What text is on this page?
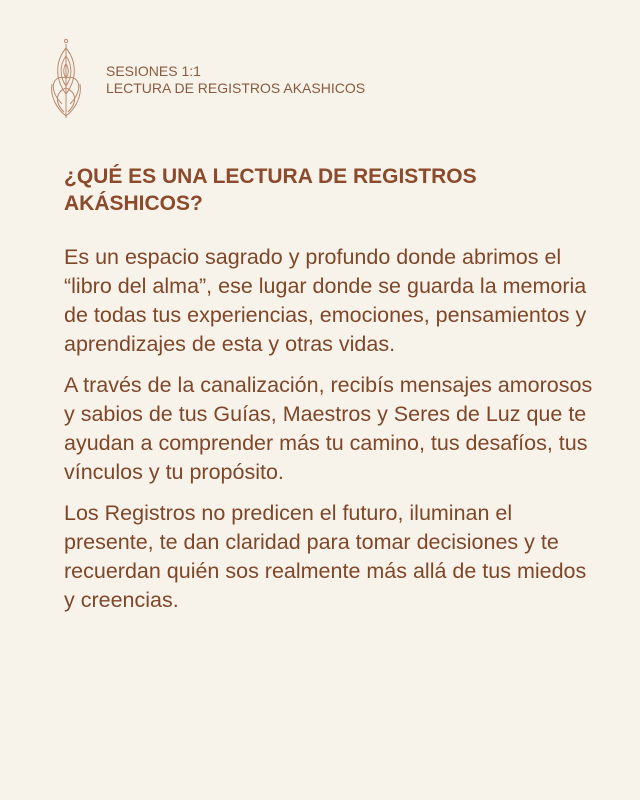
SESIONES 1:1
LECTURA DE REGISTROS AKASHICOS
¿QUÉ ES UNA LECTURA DE REGISTROS AKÁSHICOS?

Es un espacio sagrado y profundo donde abrimos el “libro del alma”, ese lugar donde se guarda la memoria de todas tus experiencias, emociones, pensamientos y aprendizajes de esta y otras vidas.

A través de la canalización, recibís mensajes amorosos y sabios de tus Guías, Maestros y Seres de Luz que te ayudan a comprender más tu camino, tus desafíos, tus vínculos y tu propósito.

Los Registros no predicen el futuro, iluminan el presente, te dan claridad para tomar decisiones y te recuerdan quién sos realmente más allá de tus miedos y creencias.
